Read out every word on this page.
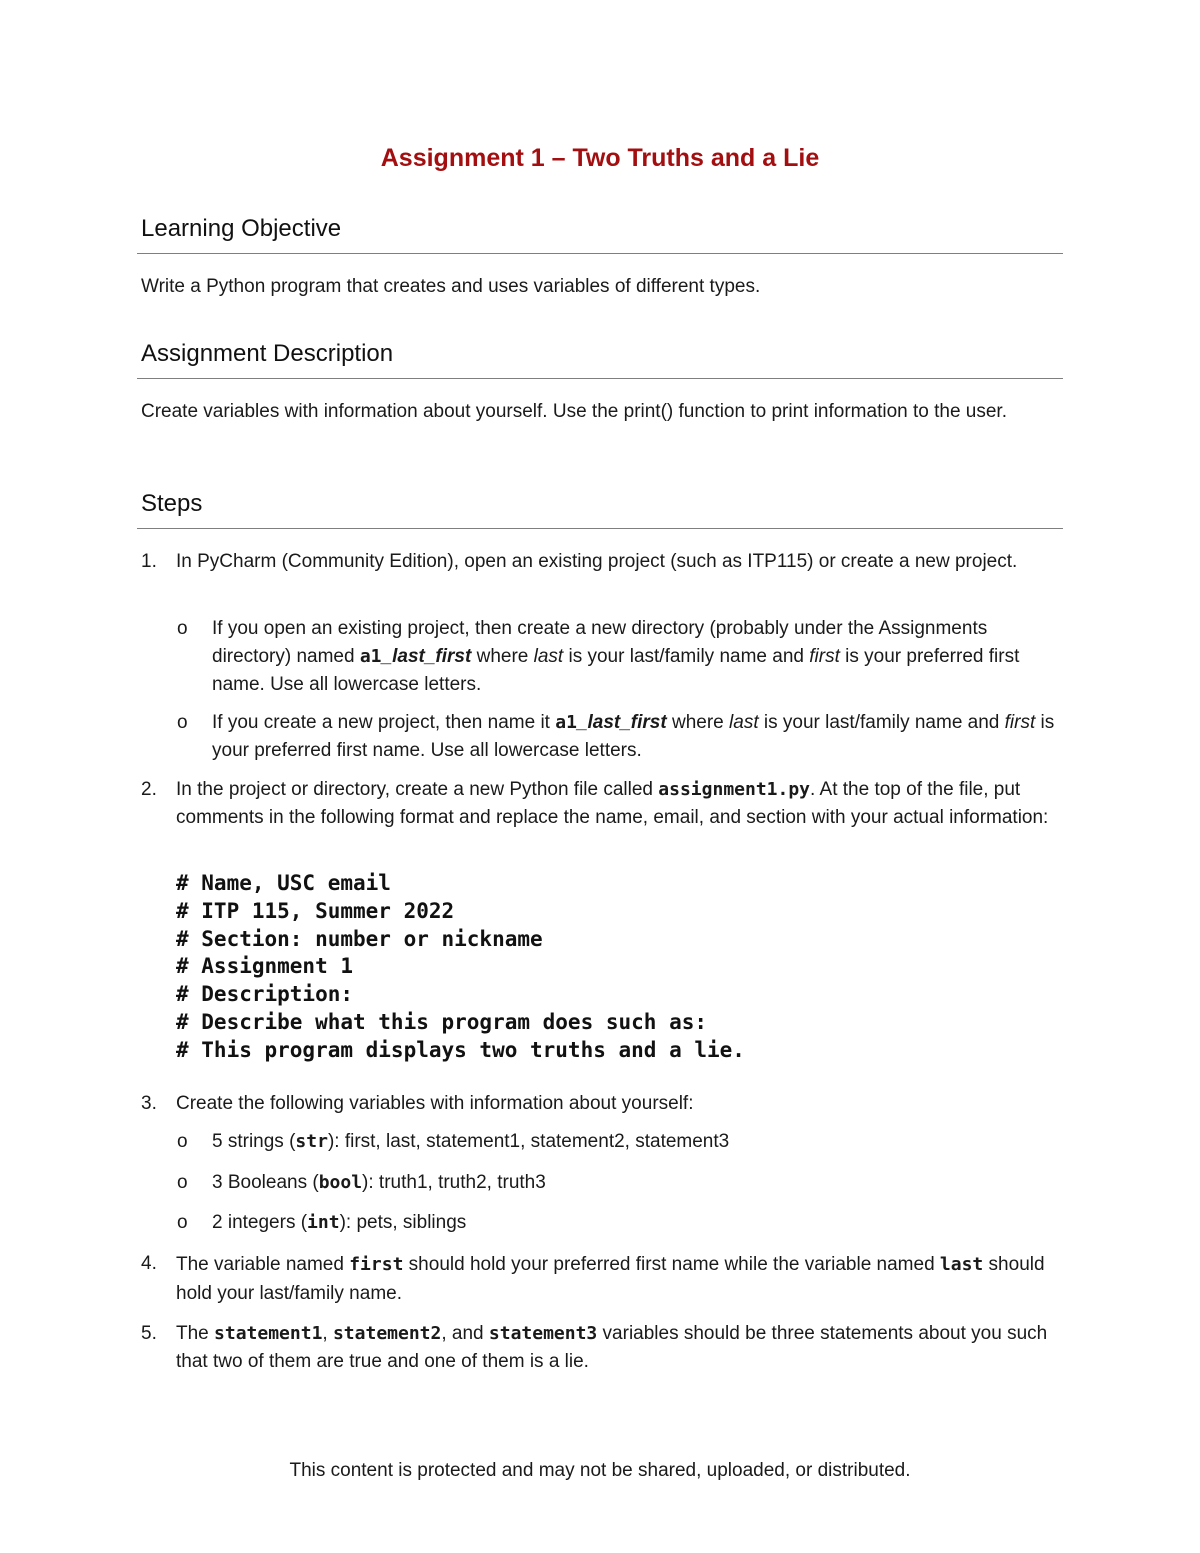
Assignment 1 – Two Truths and a Lie
Learning Objective
Write a Python program that creates and uses variables of different types.
Assignment Description
Create variables with information about yourself. Use the print() function to print information to the user.
Steps
1. In PyCharm (Community Edition), open an existing project (such as ITP115) or create a new project.
o If you open an existing project, then create a new directory (probably under the Assignments directory) named a1_last_first where last is your last/family name and first is your preferred first name. Use all lowercase letters.
o If you create a new project, then name it a1_last_first where last is your last/family name and first is your preferred first name. Use all lowercase letters.
2. In the project or directory, create a new Python file called assignment1.py. At the top of the file, put comments in the following format and replace the name, email, and section with your actual information:
# Name, USC email
# ITP 115, Summer 2022
# Section: number or nickname
# Assignment 1
# Description:
# Describe what this program does such as:
# This program displays two truths and a lie.
3. Create the following variables with information about yourself:
o 5 strings (str): first, last, statement1, statement2, statement3
o 3 Booleans (bool): truth1, truth2, truth3
o 2 integers (int): pets, siblings
4. The variable named first should hold your preferred first name while the variable named last should hold your last/family name.
5. The statement1, statement2, and statement3 variables should be three statements about you such that two of them are true and one of them is a lie.
This content is protected and may not be shared, uploaded, or distributed.
